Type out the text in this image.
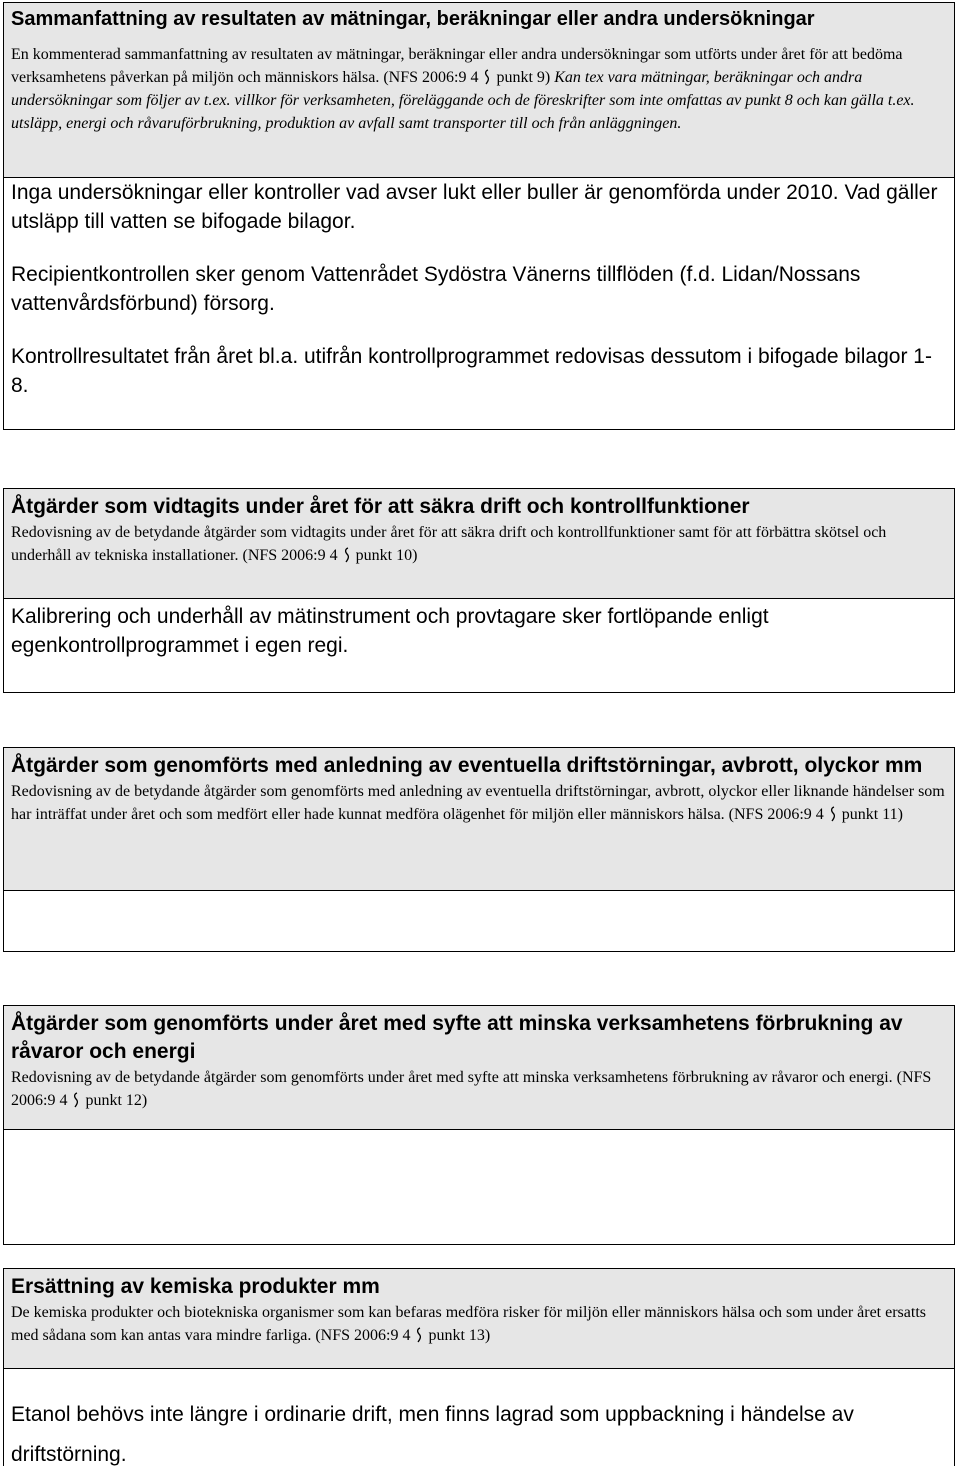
Sammanfattning av resultaten av mätningar, beräkningar eller andra undersökningar
En kommenterad sammanfattning av resultaten av mätningar, beräkningar eller andra undersökningar som utförts under året för att bedöma verksamhetens påverkan på miljön och människors hälsa. (NFS 2006:9 4 punkt 9) Kan tex vara mätningar, beräkningar och andra undersökningar som följer av t.ex. villkor för verksamheten, föreläggande och de föreskrifter som inte omfattas av punkt 8 och kan gälla t.ex. utsläpp, energi och råvaruförbrukning, produktion av avfall samt transporter till och från anläggningen.

Inga undersökningar eller kontroller vad avser lukt eller buller är genomförda under 2010. Vad gäller utsläpp till vatten se bifogade bilagor.

Recipientkontrollen sker genom Vattenrådet Sydöstra Vänerns tillflöden (f.d. Lidan/Nossans vattenvårdsförbund) försorg.

Kontrollresultatet från året bl.a. utifrån kontrollprogrammet redovisas dessutom i bifogade bilagor 1-8.

Åtgärder som vidtagits under året för att säkra drift och kontrollfunktioner
Redovisning av de betydande åtgärder som vidtagits under året för att säkra drift och kontrollfunktioner samt för att förbättra skötsel och underhåll av tekniska installationer. (NFS 2006:9 4 punkt 10)

Kalibrering och underhåll av mätinstrument och provtagare sker fortlöpande enligt egenkontrollprogrammet i egen regi.

Åtgärder som genomförts med anledning av eventuella driftstörningar, avbrott, olyckor mm
Redovisning av de betydande åtgärder som genomförts med anledning av eventuella driftstörningar, avbrott, olyckor eller liknande händelser som har inträffat under året och som medfört eller hade kunnat medföra olägenhet för miljön eller människors hälsa. (NFS 2006:9 4 punkt 11)
Åtgärder som genomförts under året med syfte att minska verksamhetens förbrukning av råvaror och energi
Redovisning av de betydande åtgärder som genomförts under året med syfte att minska verksamhetens förbrukning av råvaror och energi. (NFS 2006:9 4 punkt 12)
Ersättning av kemiska produkter mm
De kemiska produkter och biotekniska organismer som kan befaras medföra risker för miljön eller människors hälsa och som under året ersatts med sådana som kan antas vara mindre farliga. (NFS 2006:9 4 punkt 13)

Etanol behövs inte längre i ordinarie drift, men finns lagrad som uppbackning i händelse av driftstörning.
